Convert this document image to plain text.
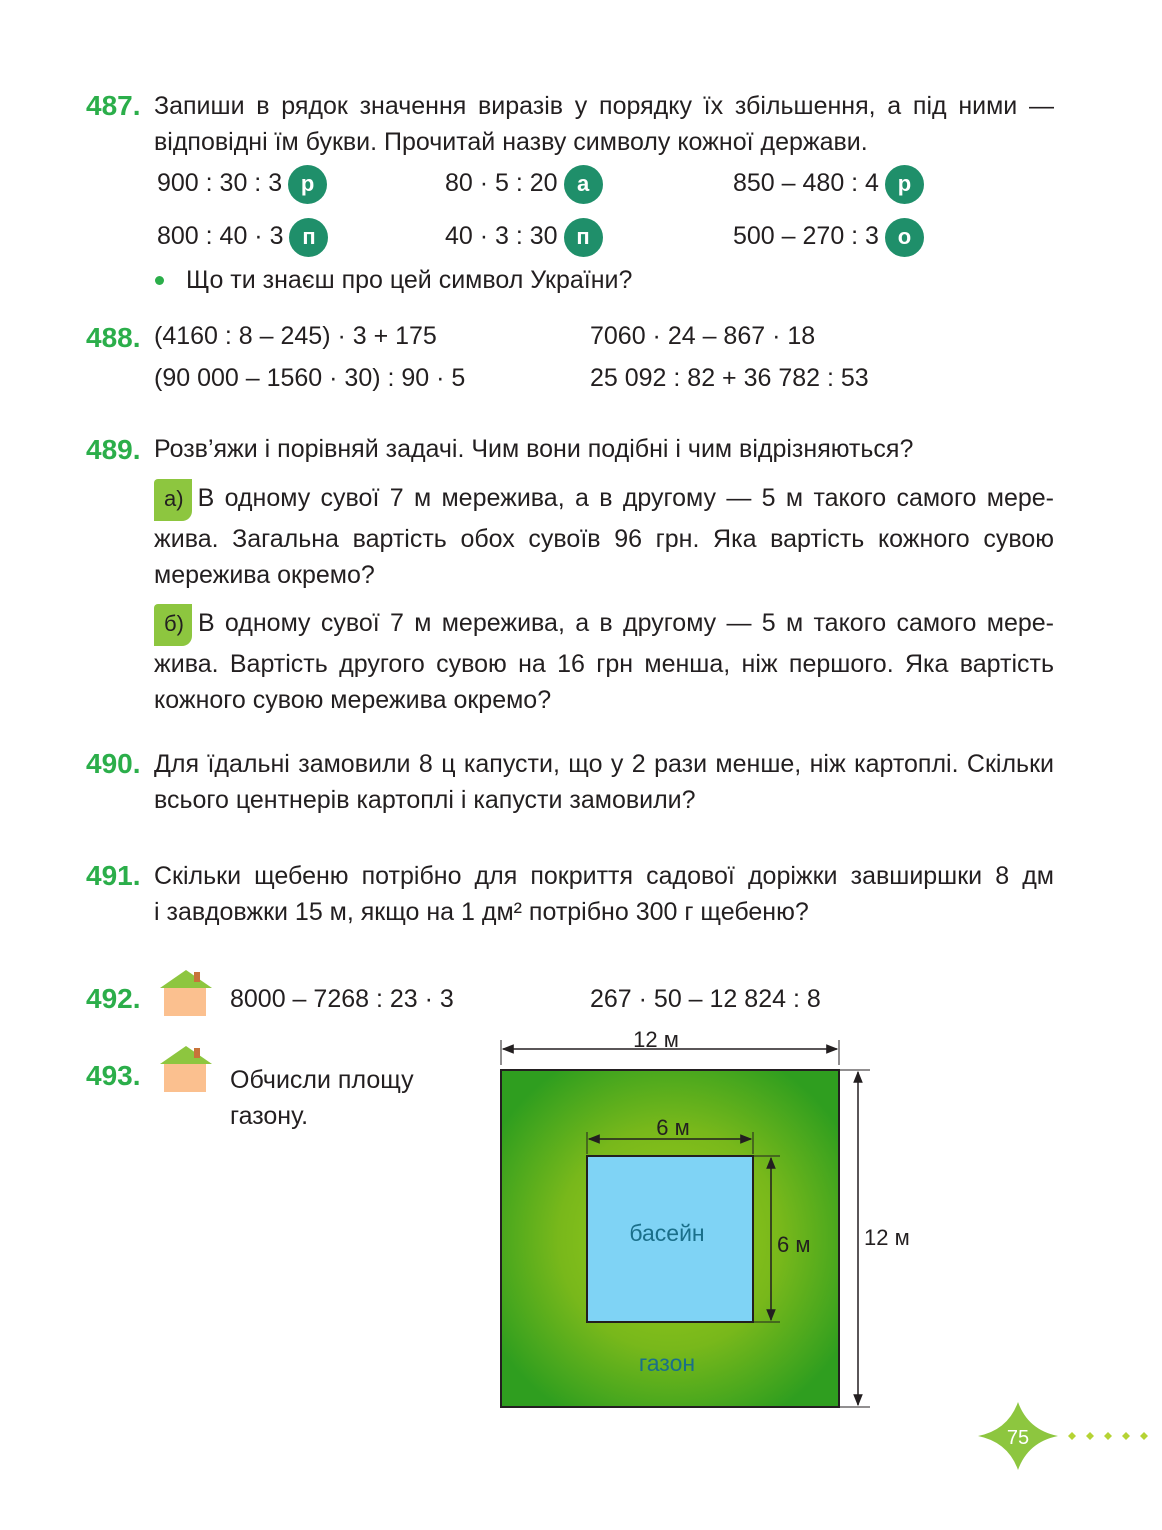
487. Запиши в рядок значення виразів у порядку їх збільшення, а під ними —
відповідні їм букви. Прочитай назву символу кожної держави.
900 : 30 : 3 р	80 · 5 : 20 а	850 – 480 : 4 р
800 : 40 · 3 п	40 · 3 : 30 п	500 – 270 : 3 о
Що ти знаєш про цей символ України?
488. (4160 : 8 – 245) · 3 + 175	7060 · 24 – 867 · 18
(90 000 – 1560 · 30) : 90 · 5	25 092 : 82 + 36 782 : 53
489. Розв’яжи і порівняй задачі. Чим вони подібні і чим відрізняються?
а) В одному сувої 7 м мережива, а в другому — 5 м такого самого мере-
жива. Загальна вартість обох сувоїв 96 грн. Яка вартість кожного сувою
мережива окремо?
б) В одному сувої 7 м мережива, а в другому — 5 м такого самого мере-
жива. Вартість другого сувою на 16 грн менша, ніж першого. Яка вартість
кожного сувою мережива окремо?
490. Для їдальні замовили 8 ц капусти, що у 2 рази менше, ніж картоплі. Скільки
всього центнерів картоплі і капусти замовили?
491. Скільки щебеню потрібно для покриття садової доріжки завширшки 8 дм
і завдовжки 15 м, якщо на 1 дм² потрібно 300 г щебеню?
492.	8000 – 7268 : 23 · 3	267 · 50 – 12 824 : 8
493.	Обчисли площу
газону.
12 м
12 м
6 м
6 м
басейн
газон
75
